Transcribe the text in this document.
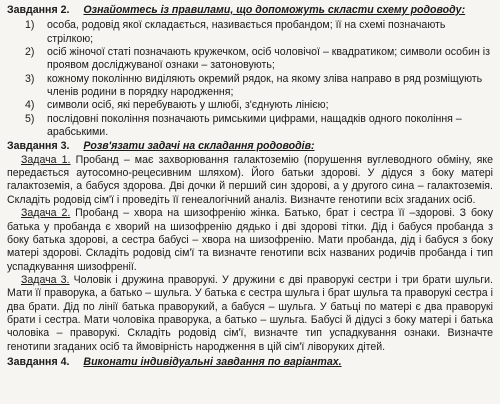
Завдання 2. Ознайомтесь із правилами, що допоможуть скласти схему родоводу:
1)	особа, родовід якої складається, називається пробандом; її на схемі позначають стрілкою;
2)	осіб жіночої статі позначають кружечком, осіб чоловічої – квадратиком; символи особин із проявом досліджуваної ознаки – затоновують;
3)	кожному поколінню виділяють окремий рядок, на якому зліва направо в ряд розміщують членів родини в порядку народження;
4)	символи осіб, які перебувають у шлюбі, з'єднують лінією;
5)	послідовні покоління позначають римськими цифрами, нащадків одного покоління – арабськими.
Завдання 3. Розв'язати задачі на складання родоводів:

Задача 1. Пробанд – має захворювання галактоземію (порушення вуглеводного обміну, яке передається аутосомно-рецесивним шляхом). Його батьки здорові. У дідуся з боку матері галактоземія, а бабуся здорова. Дві дочки й перший син здорові, а у другого сина – галактоземія. Складіть родовід сім'ї і проведіть її генеалогічний аналіз. Визначте генотипи всіх згаданих осіб.

Задача 2. Пробанд – хвора на шизофренію жінка. Батько, брат і сестра її –здорові. З боку батька у пробанда є хворий на шизофренію дядько і дві здорові тітки. Дід і бабуся пробанда з боку батька здорові, а сестра бабусі – хвора на шизофренію. Мати пробанда, дід і бабуся з боку матері здорові. Складіть родовід сім'ї та визначте генотипи всіх названих родичів пробанда і тип успадкування шизофренії.

Задача 3. Чоловік і дружина праворукі. У дружини є дві праворукі сестри і три брати шульги. Мати її праворука, а батько – шульга. У батька є сестра шульга і брат шульга та праворукі сестра і два брати. Дід по лінії батька праворукий, а бабуся – шульга. У батьці по матері є два праворукі брати і сестра. Мати чоловіка праворука, а батько – шульга. Бабусі й дідусі з боку матері і батька чоловіка – праворукі. Складіть родовід сім'ї, визначте тип успадкування ознаки. Визначте генотипи згаданих осіб та ймовірність народження в цій сім'ї ліворуких дітей.

Завдання 4. Виконати індивідуальні завдання по варіантах.
